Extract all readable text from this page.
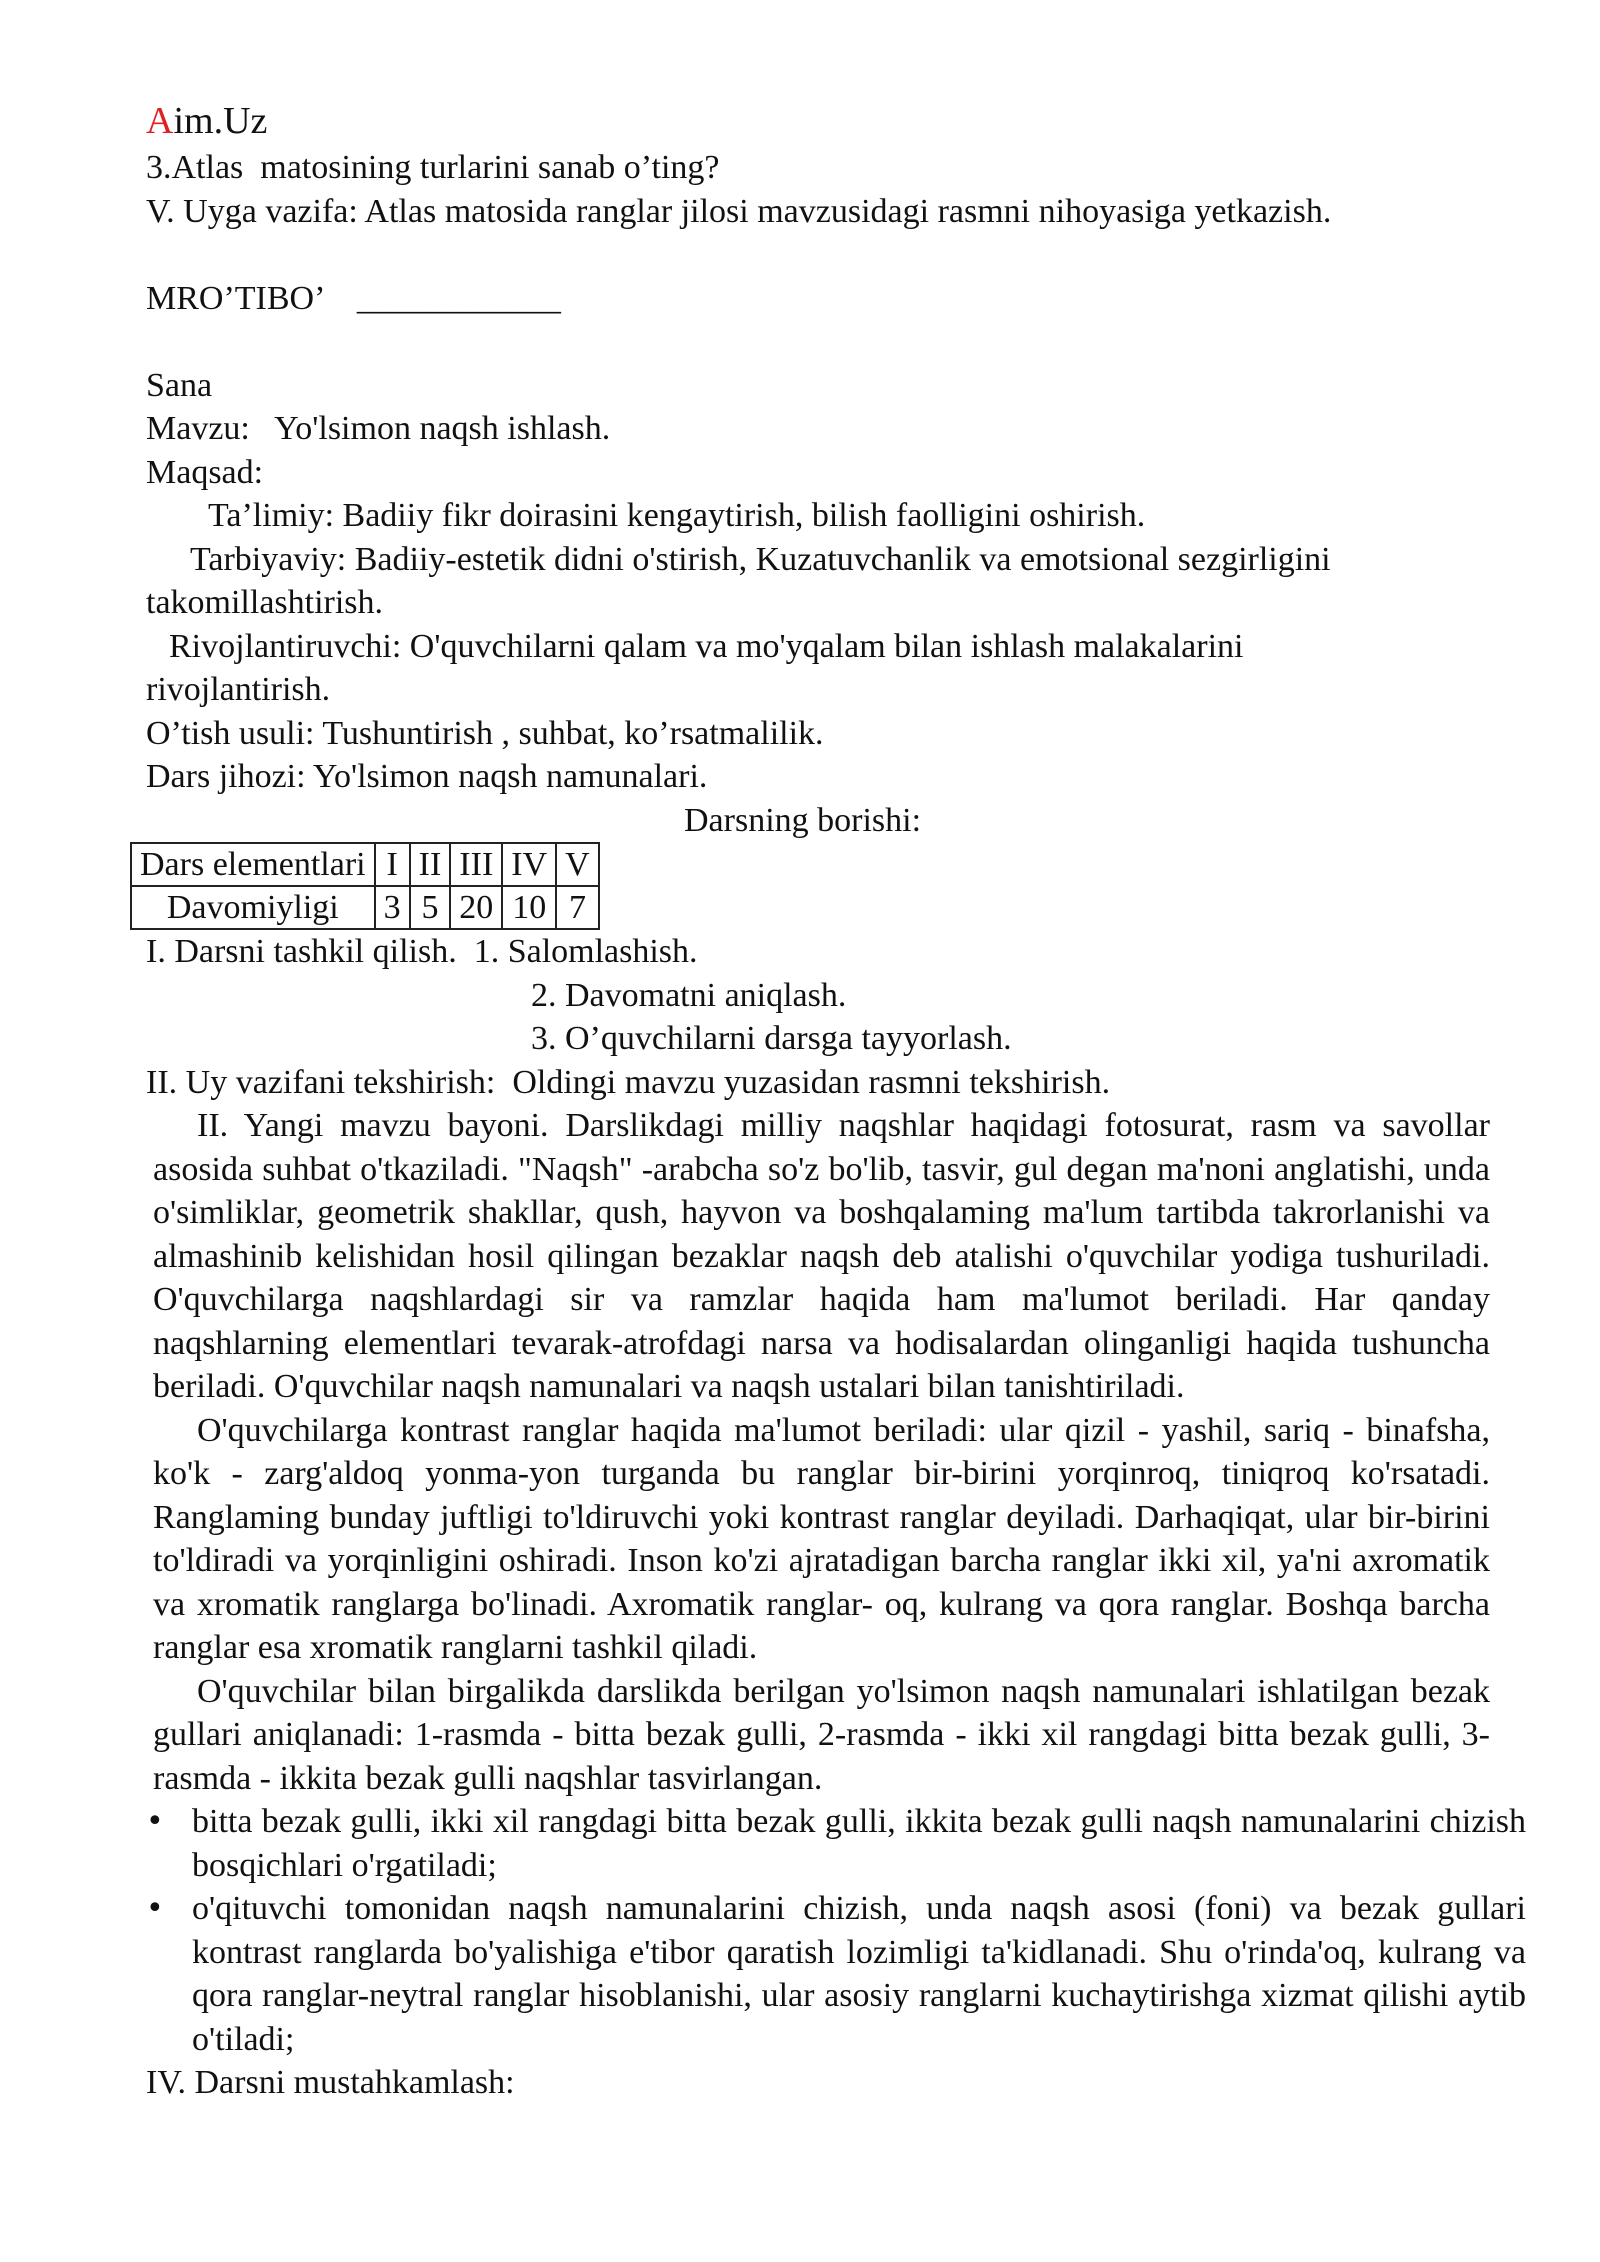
Aim.Uz
3.Atlas  matosining turlarini sanab o’ting?
V. Uyga vazifa: Atlas matosida ranglar jilosi mavzusidagi rasmni nihoyasiga yetkazish.
MRO’TIBO’    ____________
Sana
Mavzu:   Yo'lsimon naqsh ishlash.
Maqsad:
Ta’limiy: Badiiy fikr doirasini kengaytirish, bilish faolligini oshirish.
Tarbiyaviy: Badiiy-estetik didni o'stirish, Kuzatuvchanlik va emotsional sezgirligini takomillashtirish.
Rivojlantiruvchi: O'quvchilarni qalam va mo'yqalam bilan ishlash malakalarini rivojlantirish.
O’tish usuli: Tushuntirish , suhbat, ko’rsatmalilik.
Dars jihozi: Yo'lsimon naqsh namunalari.
Darsning borishi:
Dars elementlari	I	II	III	IV	V
Davomiyligi	3	5	20	10	7
I. Darsni tashkil qilish.  1. Salomlashish.
2. Davomatni aniqlash.
3. O’quvchilarni darsga tayyorlash.
II. Uy vazifani tekshirish:  Oldingi mavzu yuzasidan rasmni tekshirish.
II. Yangi mavzu bayoni. Darslikdagi milliy naqshlar haqidagi fotosurat, rasm va savollar asosida suhbat o'tkaziladi. "Naqsh" -arabcha so'z bo'lib, tasvir, gul degan ma'noni anglatishi, unda o'simliklar, geometrik shakllar, qush, hayvon va boshqalaming ma'lum tartibda takrorlanishi va almashinib kelishidan hosil qilingan bezaklar naqsh deb atalishi o'quvchilar yodiga tushuriladi. O'quvchilarga naqshlardagi sir va ramzlar haqida ham ma'lumot beriladi. Har qanday naqshlarning elementlari tevarak-atrofdagi narsa va hodisalardan olinganligi haqida tushuncha beriladi. O'quvchilar naqsh namunalari va naqsh ustalari bilan tanishtiriladi.
O'quvchilarga kontrast ranglar haqida ma'lumot beriladi: ular qizil - yashil, sariq - binafsha, ko'k - zarg'aldoq yonma-yon turganda bu ranglar bir-birini yorqinroq, tiniqroq ko'rsatadi. Ranglaming bunday juftligi to'ldiruvchi yoki kontrast ranglar deyiladi. Darhaqiqat, ular bir-birini to'ldiradi va yorqinligini oshiradi. Inson ko'zi ajratadigan barcha ranglar ikki xil, ya'ni axromatik va xromatik ranglarga bo'linadi. Axromatik ranglar- oq, kulrang va qora ranglar. Boshqa barcha ranglar esa xromatik ranglarni tashkil qiladi.
O'quvchilar bilan birgalikda darslikda berilgan yo'lsimon naqsh namunalari ishlatilgan bezak gullari aniqlanadi: 1-rasmda - bitta bezak gulli, 2-rasmda - ikki xil rangdagi bitta bezak gulli, 3-rasmda - ikkita bezak gulli naqshlar tasvirlangan.
• bitta bezak gulli, ikki xil rangdagi bitta bezak gulli, ikkita bezak gulli naqsh namunalarini chizish bosqichlari o'rgatiladi;
• o'qituvchi tomonidan naqsh namunalarini chizish, unda naqsh asosi (foni) va bezak gullari kontrast ranglarda bo'yalishiga e'tibor qaratish lozimligi ta'kidlanadi. Shu o'rinda'oq, kulrang va qora ranglar-neytral ranglar hisoblanishi, ular asosiy ranglarni kuchaytirishga xizmat qilishi aytib o'tiladi;
IV. Darsni mustahkamlash:
